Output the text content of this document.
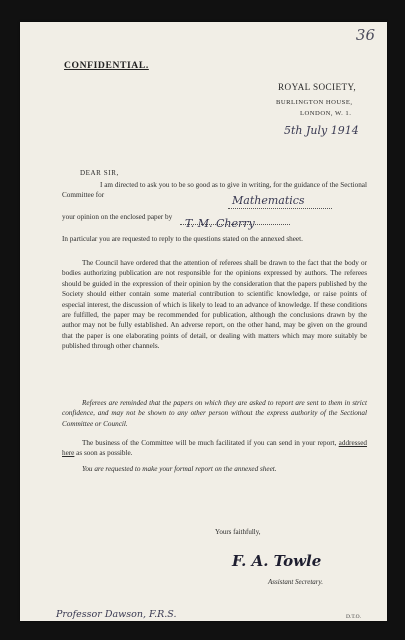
36
CONFIDENTIAL.
ROYAL SOCIETY,
BURLINGTON HOUSE,
LONDON, W. 1.
5th July 1914
DEAR SIR,

I am directed to ask you to be so good as to give in writing, for the guidance of the Sectional Committee for	Mathematics

your opinion on the enclosed paper by	T. M. Cherry

In particular you are requested to reply to the questions stated on the annexed sheet.

The Council have ordered that the attention of referees shall be drawn to the fact that the body or bodies authorizing publication are not responsible for the opinions expressed by authors. The referees should be guided in the expression of their opinion by the consideration that the papers published by the Society should either contain some material contribution to scientific knowledge, or raise points of especial interest, the discussion of which is likely to lead to an advance of knowledge. If these conditions are fulfilled, the paper may be recommended for publication, although the conclusions drawn by the author may not be fully established. An adverse report, on the other hand, may be given on the ground that the paper is one elaborating points of detail, or dealing with matters which may more suitably be published through other channels.

Referees are reminded that the papers on which they are asked to report are sent to them in strict confidence, and may not be shown to any other person without the express authority of the Sectional Committee or Council.

The business of the Committee will be much facilitated if you can send in your report, addressed here as soon as possible.

You are requested to make your formal report on the annexed sheet.

Yours faithfully,
F. A. Towle
Assistant Secretary.
Professor Dawson, F.R.S.	D.T.O.
